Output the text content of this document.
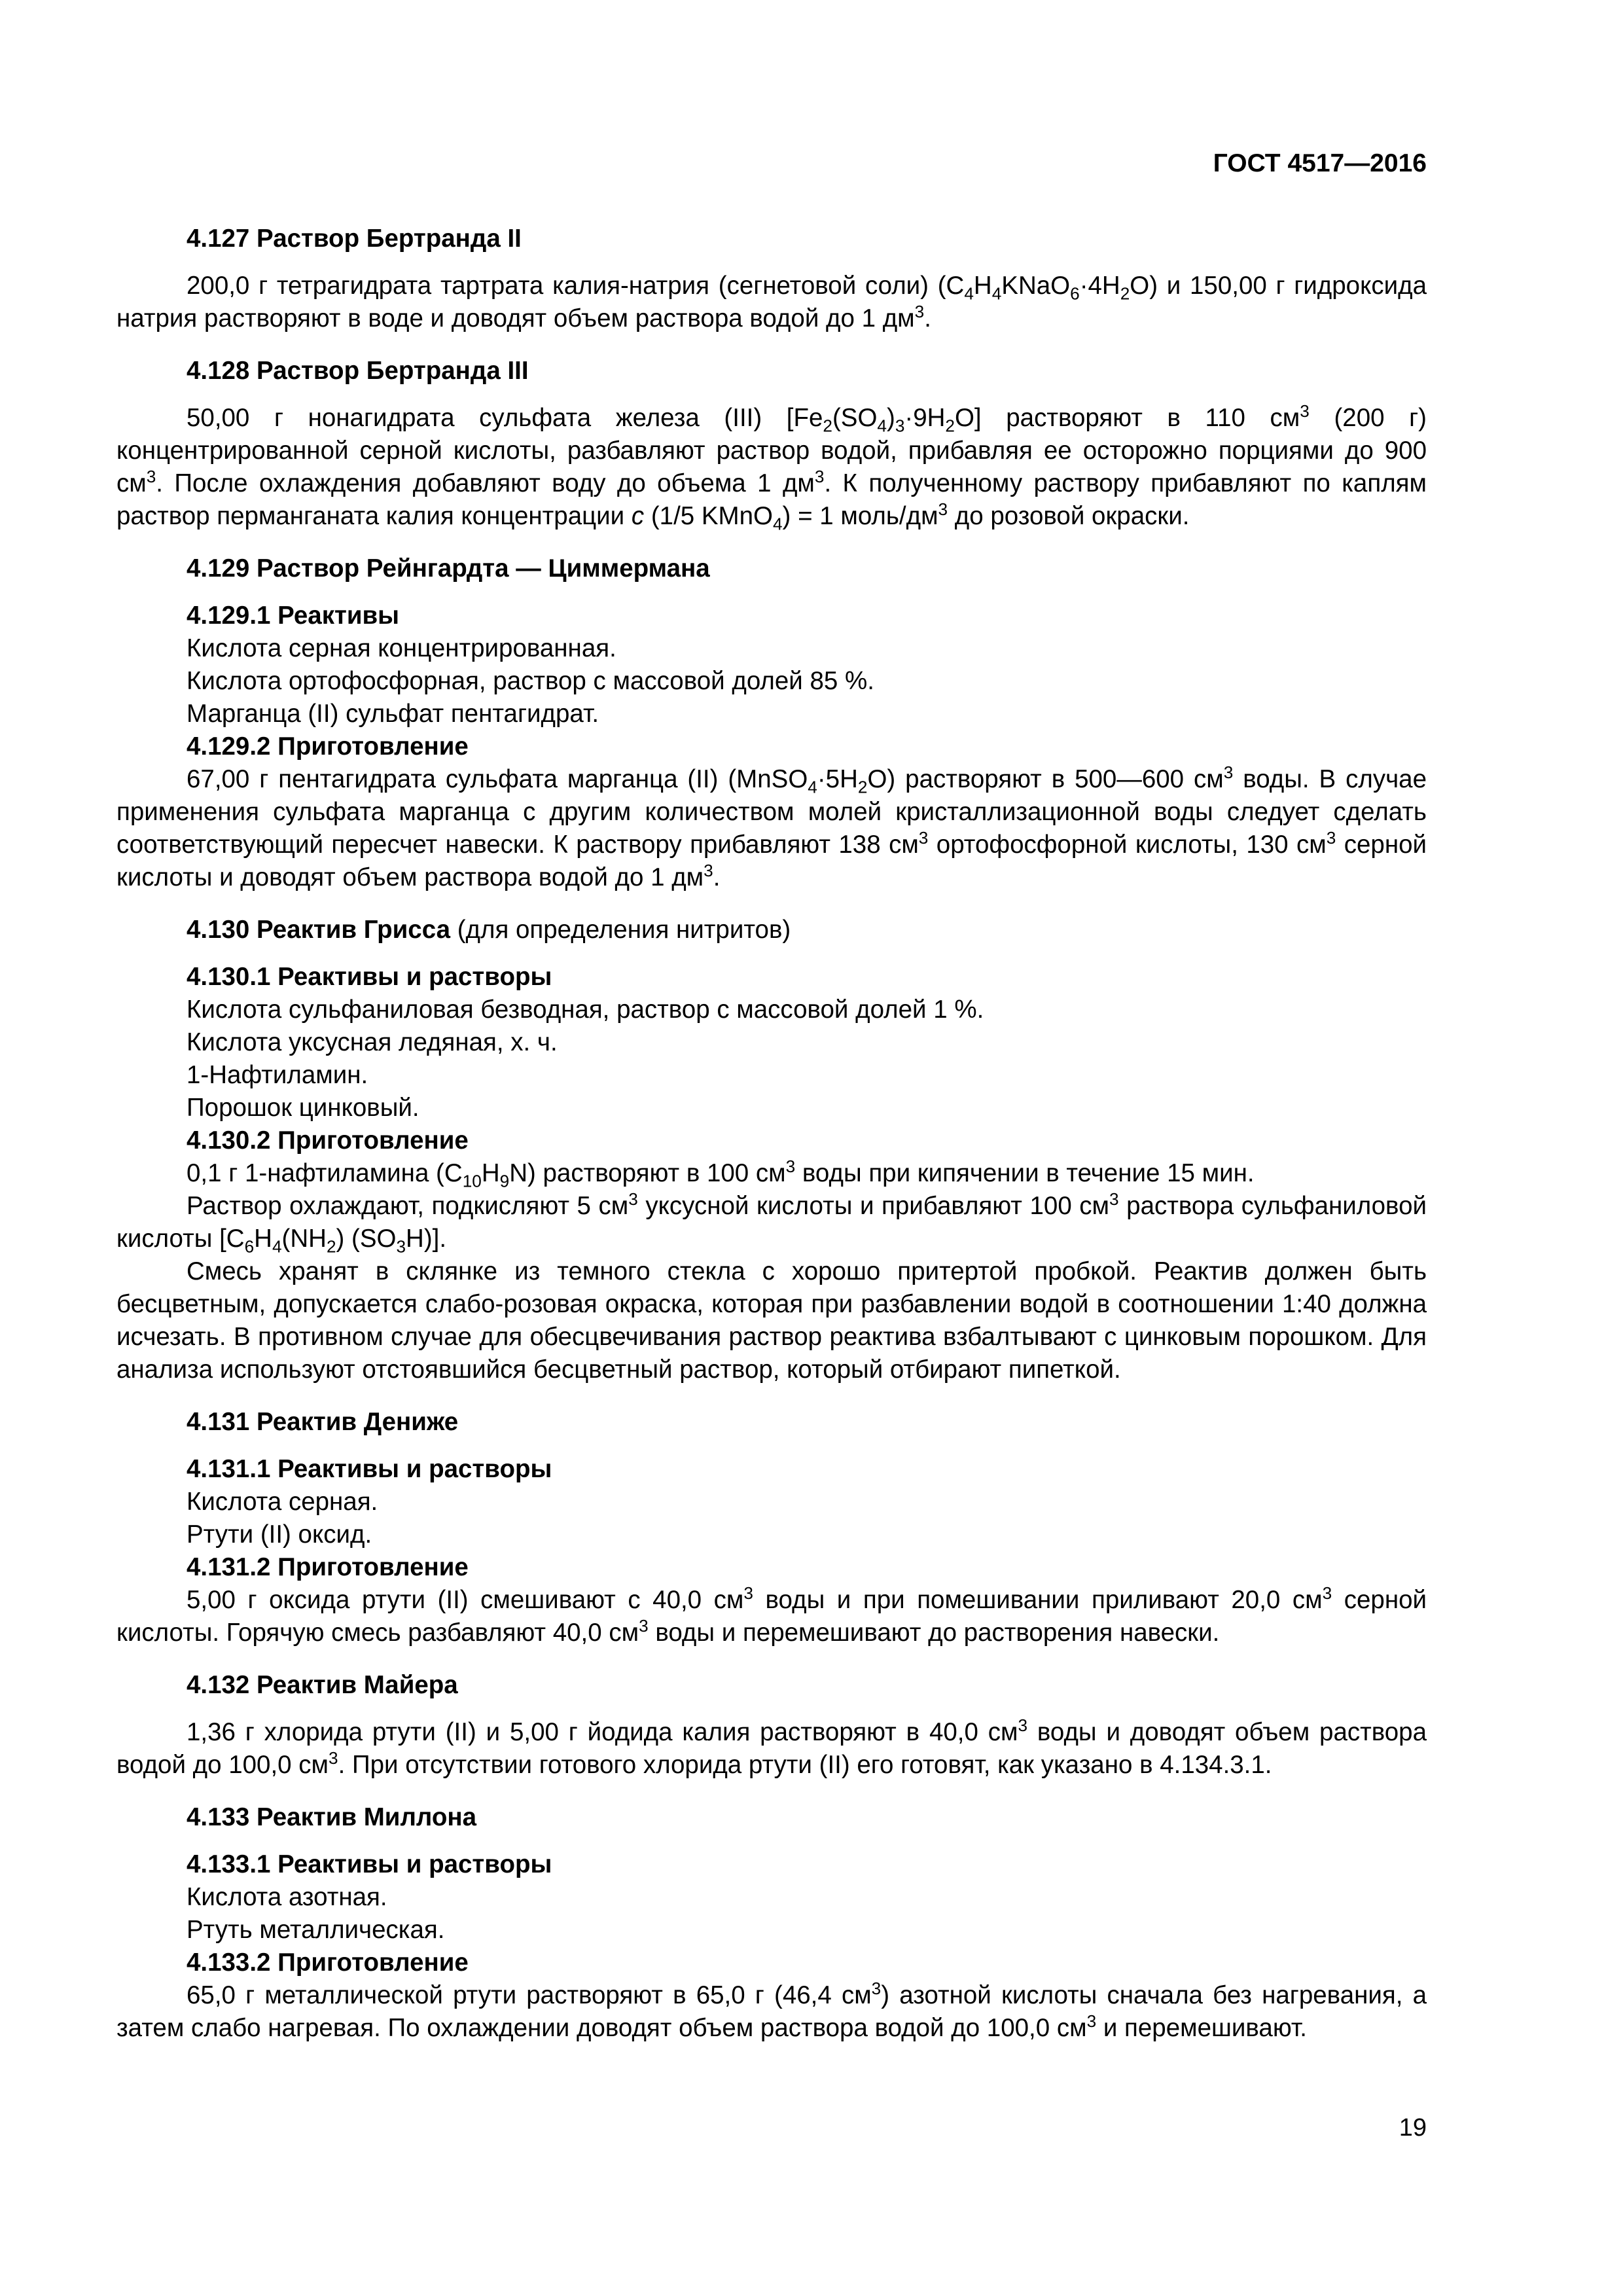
ГОСТ 4517—2016

4.127 Раствор Бертранда II

200,0 г тетрагидрата тартрата калия-натрия (сегнетовой соли) $(C_4H_4KNaO_6\cdot 4H_2O)$ и 150,00 г гидроксида натрия растворяют в воде и доводят объем раствора водой до 1 $дм^3$.

4.128 Раствор Бертранда III

50,00 г нонагидрата сульфата железа (III) $[Fe_2(SO_4)_3\cdot 9H_2O]$ растворяют в 110 $см^3$ (200 г) концентрированной серной кислоты, разбавляют раствор водой, прибавляя ее осторожно порциями до 900 $см^3$. После охлаждения добавляют воду до объема 1 $дм^3$. К полученному раствору прибавляют по каплям раствор перманганата калия концентрации c (1/5 KMnO$_4$) = 1 моль/$дм^3$ до розовой окраски.

4.129 Раствор Рейнгардта — Циммермана

4.129.1 Реактивы

Кислота серная концентрированная.

Кислота ортофосфорная, раствор с массовой долей 85 %.

Марганца (II) сульфат пентагидрат.

4.129.2 Приготовление

67,00 г пентагидрата сульфата марганца (II) $(MnSO_4\cdot 5H_2O)$ растворяют в 500—600 $см^3$ воды. В случае применения сульфата марганца с другим количеством молей кристаллизационной воды следует сделать соответствующий пересчет навески. К раствору прибавляют 138 $см^3$ ортофосфорной кислоты, 130 $см^3$ серной кислоты и доводят объем раствора водой до 1 $дм^3$.

4.130 Реактив Грисса (для определения нитритов)

4.130.1 Реактивы и растворы

Кислота сульфаниловая безводная, раствор с массовой долей 1 %.

Кислота уксусная ледяная, х. ч.

1-Нафтиламин.

Порошок цинковый.

4.130.2 Приготовление

0,1 г 1-нафтиламина $(C_{10}H_9N)$ растворяют в 100 $см^3$ воды при кипячении в течение 15 мин.

Раствор охлаждают, подкисляют 5 $см^3$ уксусной кислоты и прибавляют 100 $см^3$ раствора сульфаниловой кислоты [$C_6H_4(NH_2)$ $(SO_3H)$].

Смесь хранят в склянке из темного стекла с хорошо притертой пробкой. Реактив должен быть бесцветным, допускается слабо-розовая окраска, которая при разбавлении водой в соотношении 1:40 должна исчезать. В противном случае для обесцвечивания раствор реактива взбалтывают с цинковым порошком. Для анализа используют отстоявшийся бесцветный раствор, который отбирают пипеткой.

4.131 Реактив Дениже

4.131.1 Реактивы и растворы

Кислота серная.

Ртути (II) оксид.

4.131.2 Приготовление

5,00 г оксида ртути (II) смешивают с 40,0 $см^3$ воды и при помешивании приливают 20,0 $см^3$ серной кислоты. Горячую смесь разбавляют 40,0 $см^3$ воды и перемешивают до растворения навески.

4.132 Реактив Майера

1,36 г хлорида ртути (II) и 5,00 г йодида калия растворяют в 40,0 $см^3$ воды и доводят объем раствора водой до 100,0 $см^3$. При отсутствии готового хлорида ртути (II) его готовят, как указано в 4.134.3.1.

4.133 Реактив Миллона

4.133.1 Реактивы и растворы

Кислота азотная.

Ртуть металлическая.

4.133.2 Приготовление

65,0 г металлической ртути растворяют в 65,0 г (46,4 $см^3$) азотной кислоты сначала без нагревания, а затем слабо нагревая. По охлаждении доводят объем раствора водой до 100,0 $см^3$ и перемешивают.

19
